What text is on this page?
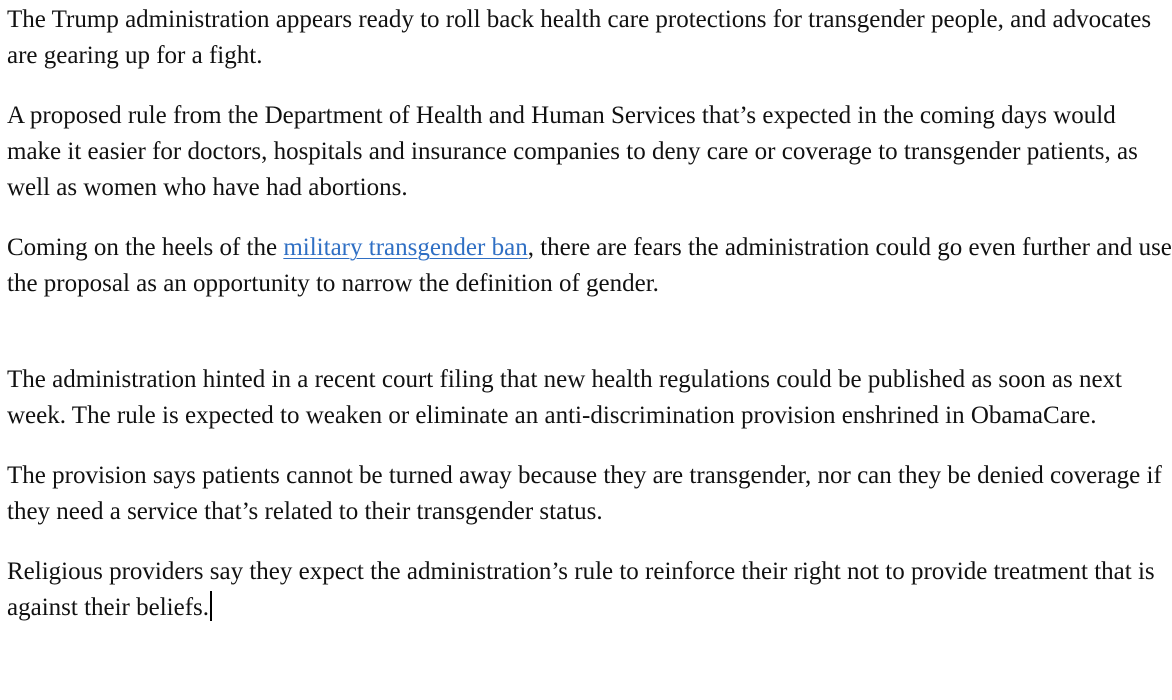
The Trump administration appears ready to roll back health care protections for transgender people, and advocates are gearing up for a fight.

A proposed rule from the Department of Health and Human Services that’s expected in the coming days would make it easier for doctors, hospitals and insurance companies to deny care or coverage to transgender patients, as well as women who have had abortions.

Coming on the heels of the military transgender ban, there are fears the administration could go even further and use the proposal as an opportunity to narrow the definition of gender.

The administration hinted in a recent court filing that new health regulations could be published as soon as next week. The rule is expected to weaken or eliminate an anti-discrimination provision enshrined in ObamaCare.

The provision says patients cannot be turned away because they are transgender, nor can they be denied coverage if they need a service that’s related to their transgender status.

Religious providers say they expect the administration’s rule to reinforce their right not to provide treatment that is against their beliefs.
